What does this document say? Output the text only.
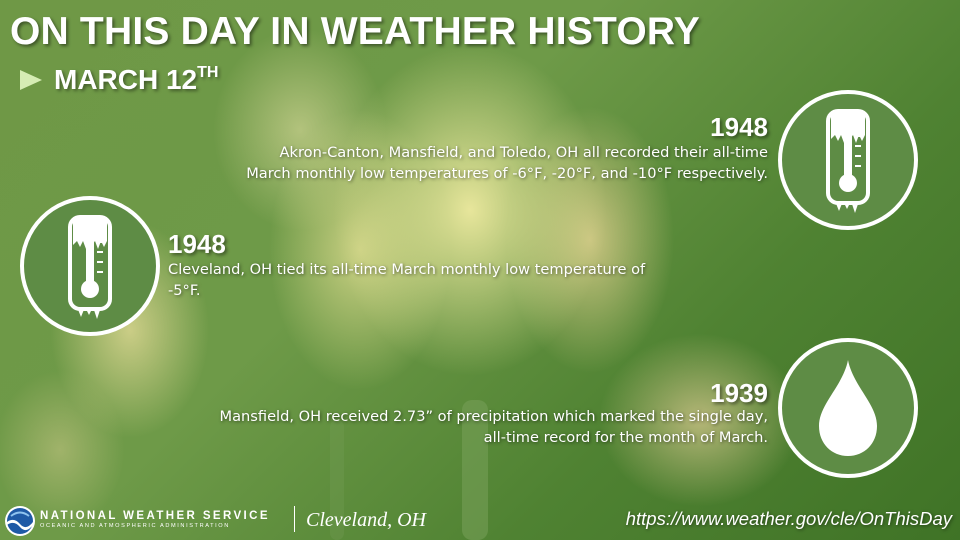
ON THIS DAY IN WEATHER HISTORY
MARCH 12TH
1948
Akron-Canton, Mansfield, and Toledo, OH all recorded their all-time
March monthly low temperatures of -6°F, -20°F, and -10°F respectively.
1948
Cleveland, OH tied its all-time March monthly low temperature of
-5°F.
1939
Mansfield, OH received 2.73” of precipitation which marked the single day,
all-time record for the month of March.
NATIONAL WEATHER SERVICE
OCEANIC AND ATMOSPHERIC ADMINISTRATION	Cleveland, OH	https://www.weather.gov/cle/OnThisDay
